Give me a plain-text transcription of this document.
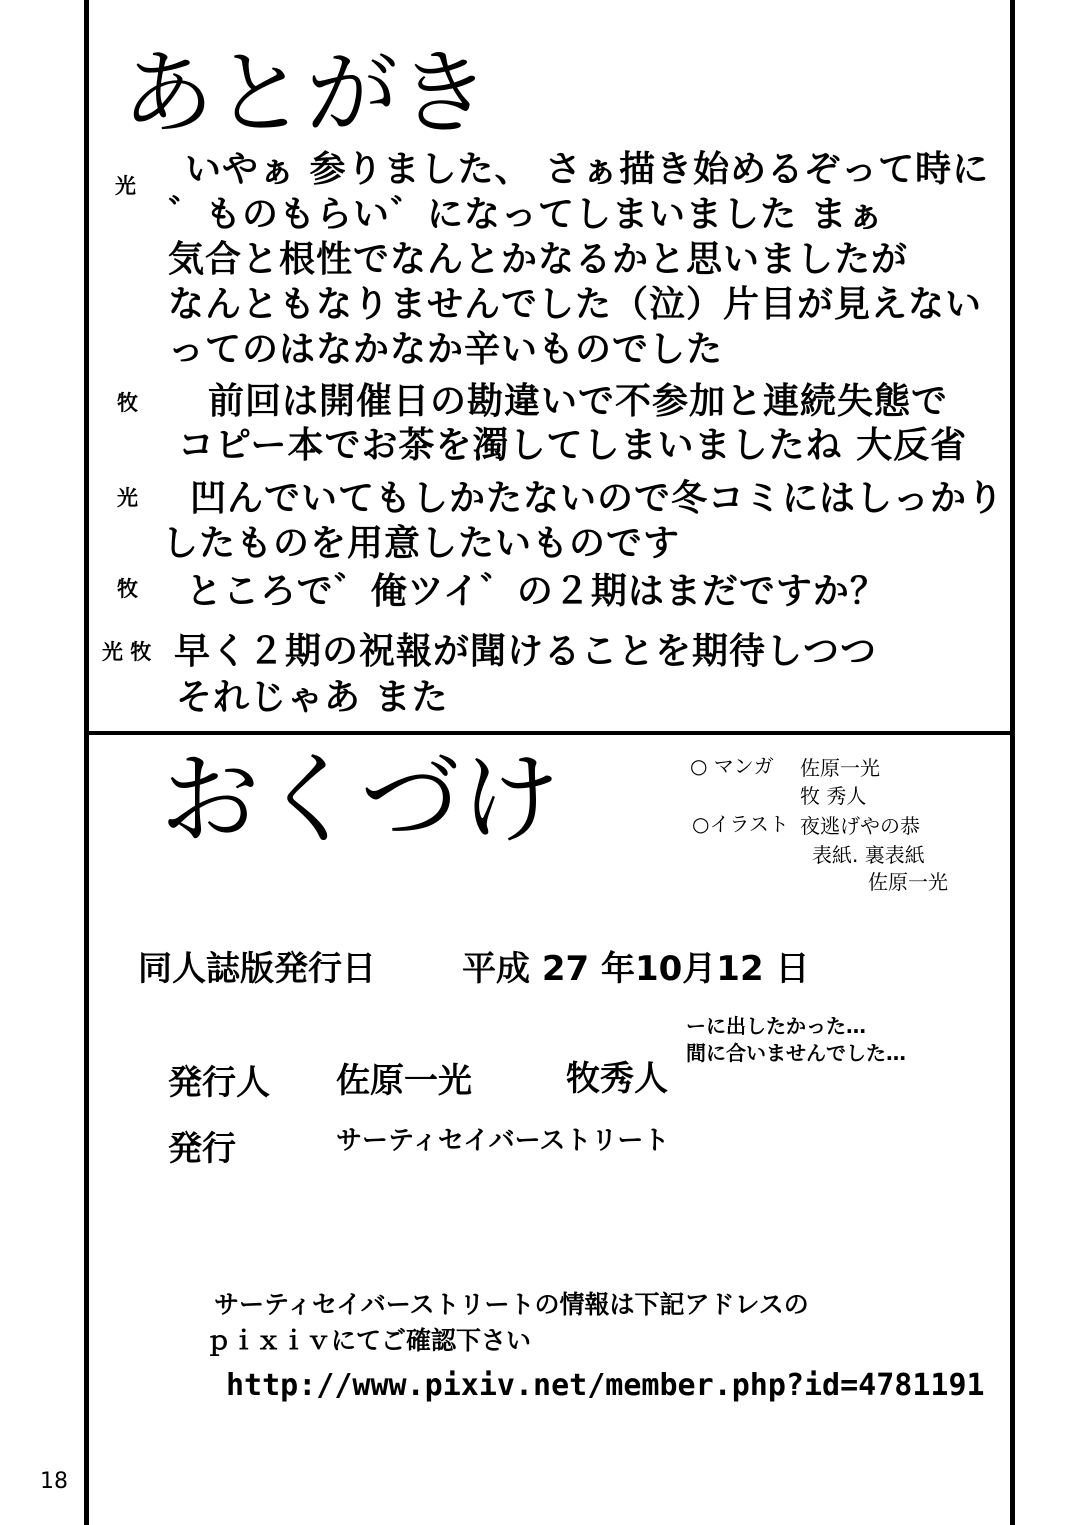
あとがき
光 いやぁ 参りました、 さぁ描き始めるぞって時に
゛ものもらい゛になってしまいました まぁ
気合と根性でなんとかなるかと思いましたが
なんともなりませんでした（泣）片目が見えない
ってのはなかなか辛いものでした
牧 前回は開催日の勘違いで不参加と連続失態で
コピー本でお茶を濁してしまいましたね 大反省
光 凹んでいてもしかたないので冬コミにはしっかり
したものを用意したいものです
牧 ところで゛俺ツイ゛の２期はまだですか？
光 牧 早く２期の祝報が聞けることを期待しつつ
それじゃあ また
おくづけ	○ マンガ 佐原一光
牧 秀人
○イラスト 夜逃げやの恭
表紙. 裏表紙
佐原一光
同人誌版発行日	平成 27 年10月12 日
ーに出したかった…
間に合いませんでした…
発行人 佐原一光	牧秀人
発行	サーティセイバーストリート
サーティセイバーストリートの情報は下記アドレスの
ｐｉｘｉｖにてご確認下さい
http://www.pixiv.net/member.php?id=4781191
18
